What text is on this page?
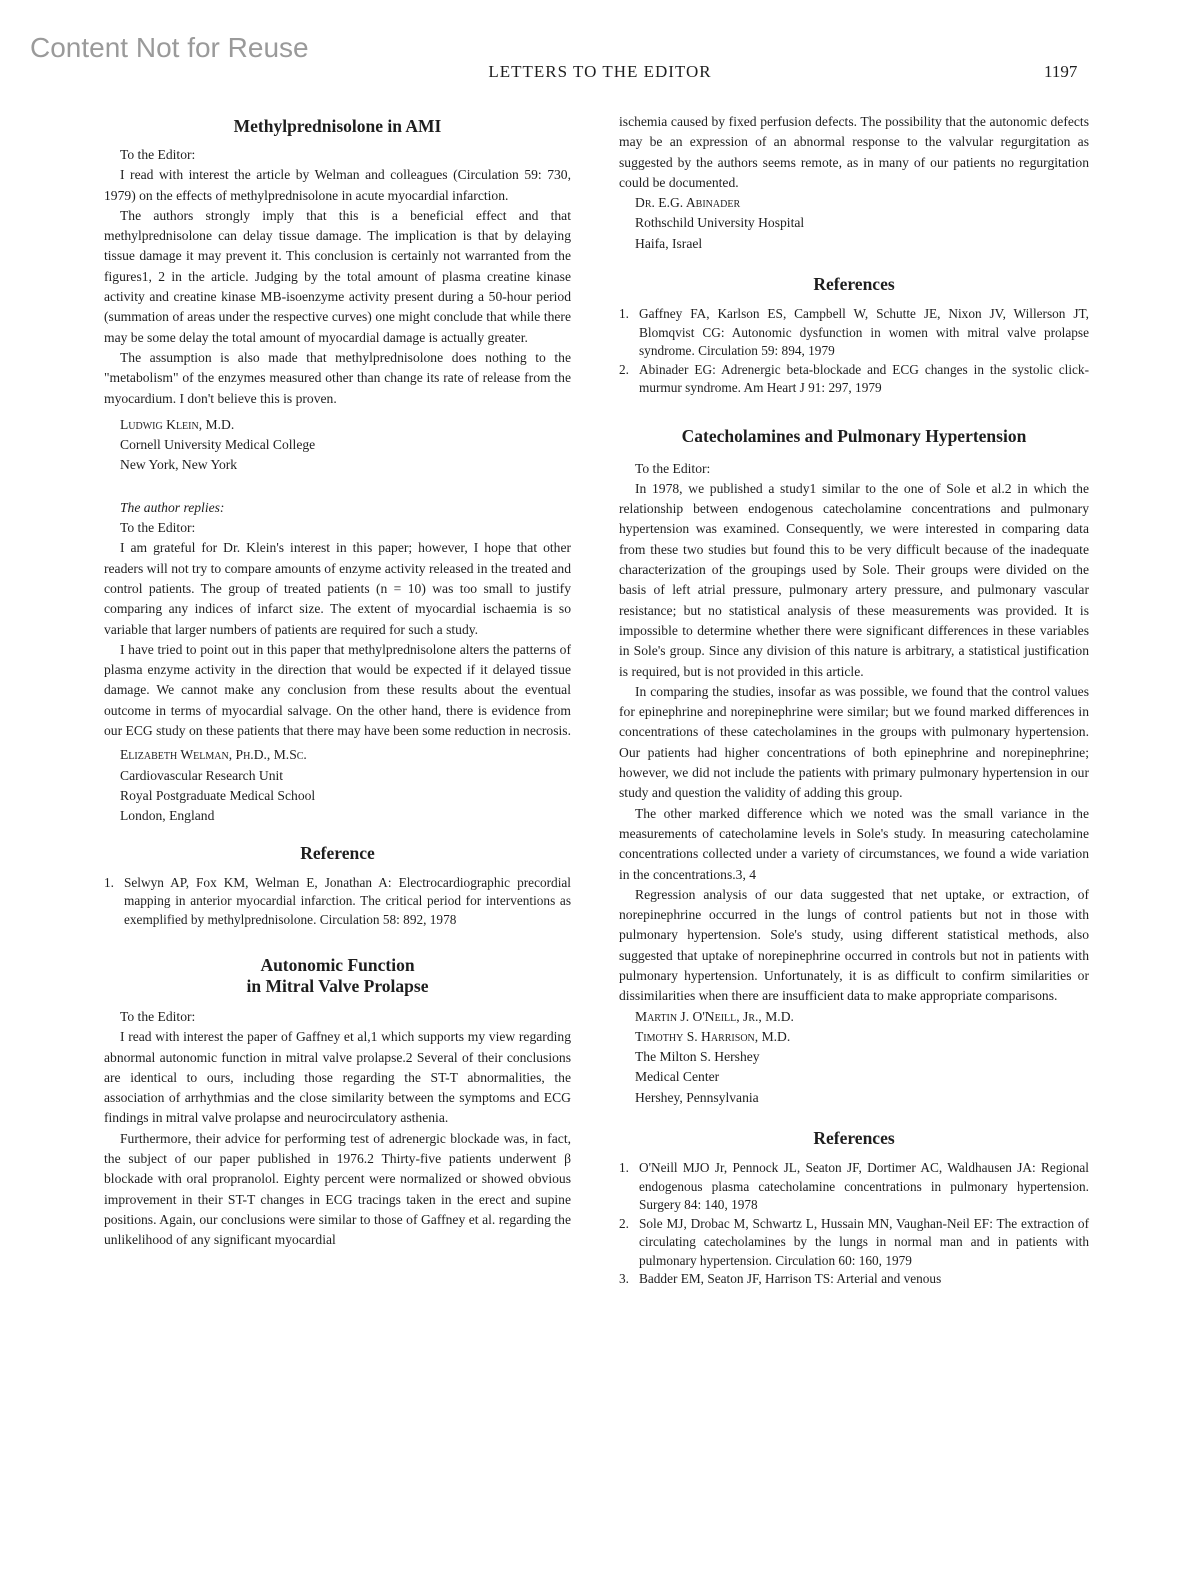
Content Not for Reuse
LETTERS TO THE EDITOR	1197
Methylprednisolone in AMI

To the Editor:

I read with interest the article by Welman and colleagues (Circulation 59: 730, 1979) on the effects of methylprednisolone in acute myocardial infarction.

The authors strongly imply that this is a beneficial effect and that methylprednisolone can delay tissue damage. The implication is that by delaying tissue damage it may prevent it. This conclusion is certainly not warranted from the figures1, 2 in the article. Judging by the total amount of plasma creatine kinase activity and creatine kinase MB-isoenzyme activity present during a 50-hour period (summation of areas under the respective curves) one might conclude that while there may be some delay the total amount of myocardial damage is actually greater.

The assumption is also made that methylprednisolone does nothing to the "metabolism" of the enzymes measured other than change its rate of release from the myocardium. I don't believe this is proven.

Ludwig Klein, M.D.

Cornell University Medical College

New York, New York

The author replies:

To the Editor:

I am grateful for Dr. Klein's interest in this paper; however, I hope that other readers will not try to compare amounts of enzyme activity released in the treated and control patients. The group of treated patients (n = 10) was too small to justify comparing any indices of infarct size. The extent of myocardial ischaemia is so variable that larger numbers of patients are required for such a study.

I have tried to point out in this paper that methylprednisolone alters the patterns of plasma enzyme activity in the direction that would be expected if it delayed tissue damage. We cannot make any conclusion from these results about the eventual outcome in terms of myocardial salvage. On the other hand, there is evidence from our ECG study on these patients that there may have been some reduction in necrosis.

Elizabeth Welman, Ph.D., M.Sc.

Cardiovascular Research Unit

Royal Postgraduate Medical School

London, England

Reference
1. Selwyn AP, Fox KM, Welman E, Jonathan A: Electrocardiographic precordial mapping in anterior myocardial infarction. The critical period for interventions as exemplified by methylprednisolone. Circulation 58: 892, 1978
Autonomic Function
in Mitral Valve Prolapse

To the Editor:

I read with interest the paper of Gaffney et al,1 which supports my view regarding abnormal autonomic function in mitral valve prolapse.2 Several of their conclusions are identical to ours, including those regarding the ST-T abnormalities, the association of arrhythmias and the close similarity between the symptoms and ECG findings in mitral valve prolapse and neurocirculatory asthenia.

Furthermore, their advice for performing test of adrenergic blockade was, in fact, the subject of our paper published in 1976.2 Thirty-five patients underwent β blockade with oral propranolol. Eighty percent were normalized or showed obvious improvement in their ST-T changes in ECG tracings taken in the erect and supine positions. Again, our conclusions were similar to those of Gaffney et al. regarding the unlikelihood of any significant myocardial

ischemia caused by fixed perfusion defects. The possibility that the autonomic defects may be an expression of an abnormal response to the valvular regurgitation as suggested by the authors seems remote, as in many of our patients no regurgitation could be documented.

Dr. E.G. Abinader

Rothschild University Hospital

Haifa, Israel

References
1. Gaffney FA, Karlson ES, Campbell W, Schutte JE, Nixon JV, Willerson JT, Blomqvist CG: Autonomic dysfunction in women with mitral valve prolapse syndrome. Circulation 59: 894, 1979
2. Abinader EG: Adrenergic beta-blockade and ECG changes in the systolic click-murmur syndrome. Am Heart J 91: 297, 1979
Catecholamines and Pulmonary Hypertension

To the Editor:

In 1978, we published a study1 similar to the one of Sole et al.2 in which the relationship between endogenous catecholamine concentrations and pulmonary hypertension was examined. Consequently, we were interested in comparing data from these two studies but found this to be very difficult because of the inadequate characterization of the groupings used by Sole. Their groups were divided on the basis of left atrial pressure, pulmonary artery pressure, and pulmonary vascular resistance; but no statistical analysis of these measurements was provided. It is impossible to determine whether there were significant differences in these variables in Sole's group. Since any division of this nature is arbitrary, a statistical justification is required, but is not provided in this article.

In comparing the studies, insofar as was possible, we found that the control values for epinephrine and norepinephrine were similar; but we found marked differences in concentrations of these catecholamines in the groups with pulmonary hypertension. Our patients had higher concentrations of both epinephrine and norepinephrine; however, we did not include the patients with primary pulmonary hypertension in our study and question the validity of adding this group.

The other marked difference which we noted was the small variance in the measurements of catecholamine levels in Sole's study. In measuring catecholamine concentrations collected under a variety of circumstances, we found a wide variation in the concentrations.3, 4

Regression analysis of our data suggested that net uptake, or extraction, of norepinephrine occurred in the lungs of control patients but not in those with pulmonary hypertension. Sole's study, using different statistical methods, also suggested that uptake of norepinephrine occurred in controls but not in patients with pulmonary hypertension. Unfortunately, it is as difficult to confirm similarities or dissimilarities when there are insufficient data to make appropriate comparisons.

Martin J. O'Neill, Jr., M.D.

Timothy S. Harrison, M.D.

The Milton S. Hershey

Medical Center

Hershey, Pennsylvania

References
1. O'Neill MJO Jr, Pennock JL, Seaton JF, Dortimer AC, Waldhausen JA: Regional endogenous plasma catecholamine concentrations in pulmonary hypertension. Surgery 84: 140, 1978
2. Sole MJ, Drobac M, Schwartz L, Hussain MN, Vaughan-Neil EF: The extraction of circulating catecholamines by the lungs in normal man and in patients with pulmonary hypertension. Circulation 60: 160, 1979
3. Badder EM, Seaton JF, Harrison TS: Arterial and venous
